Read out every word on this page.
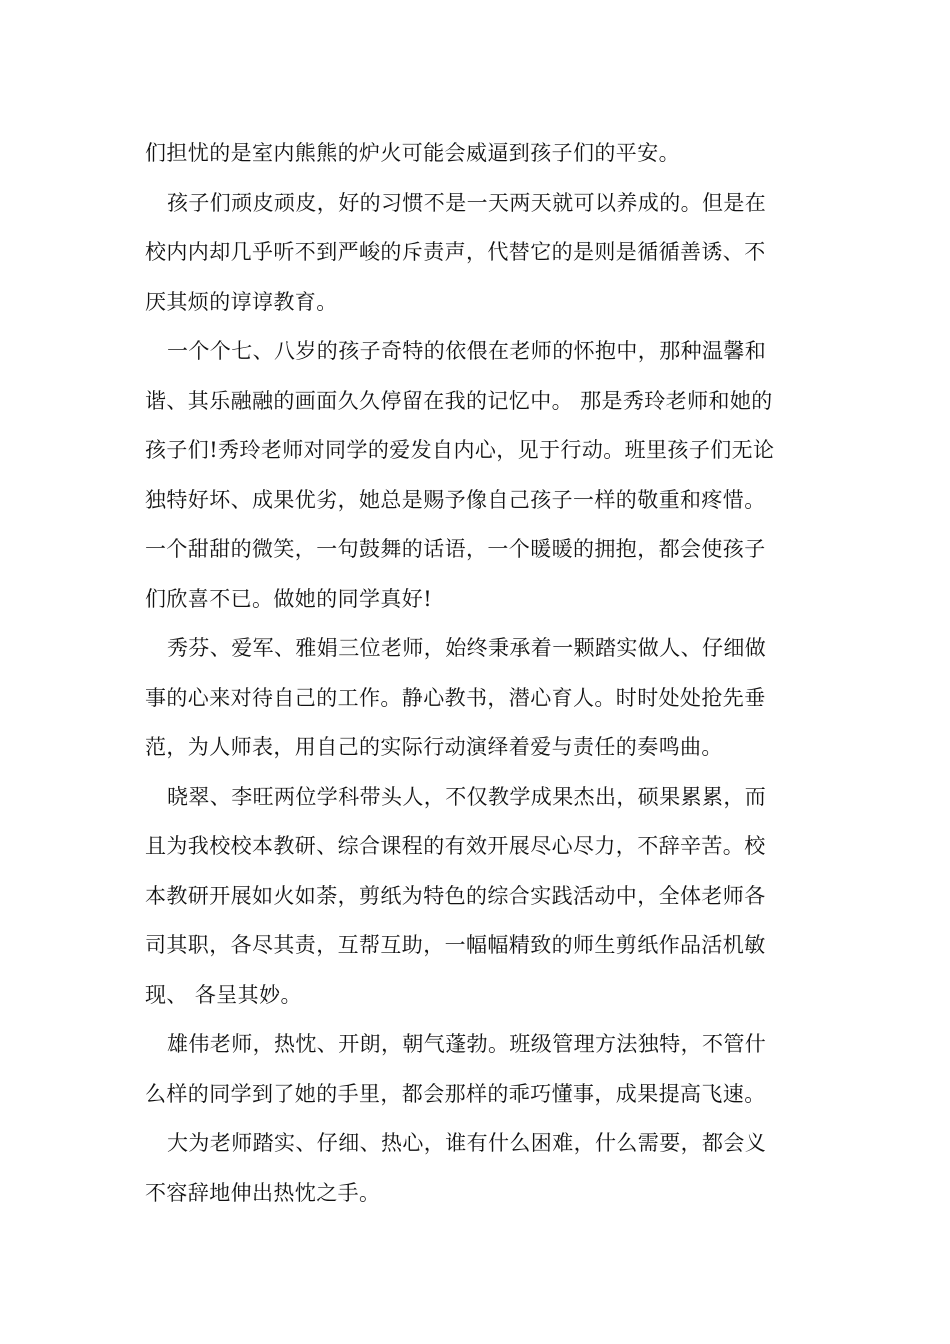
们担忧的是室内熊熊的炉火可能会威逼到孩子们的平安。
孩子们顽皮顽皮，好的习惯不是一天两天就可以养成的。但是在
校内内却几乎听不到严峻的斥责声，代替它的是则是循循善诱、不
厌其烦的谆谆教育。
一个个七、八岁的孩子奇特的依偎在老师的怀抱中，那种温馨和
谐、其乐融融的画面久久停留在我的记忆中。 那是秀玲老师和她的
孩子们!秀玲老师对同学的爱发自内心，见于行动。班里孩子们无论
独特好坏、成果优劣，她总是赐予像自己孩子一样的敬重和疼惜。
一个甜甜的微笑，一句鼓舞的话语，一个暖暖的拥抱，都会使孩子
们欣喜不已。做她的同学真好!
秀芬、爱军、雅娟三位老师，始终秉承着一颗踏实做人、仔细做
事的心来对待自己的工作。静心教书，潜心育人。时时处处抢先垂
范，为人师表，用自己的实际行动演绎着爱与责任的奏鸣曲。
晓翠、李旺两位学科带头人，不仅教学成果杰出，硕果累累，而
且为我校校本教研、综合课程的有效开展尽心尽力，不辞辛苦。校
本教研开展如火如荼，剪纸为特色的综合实践活动中，全体老师各
司其职，各尽其责，互帮互助，一幅幅精致的师生剪纸作品活机敏
现、 各呈其妙。
雄伟老师，热忱、开朗，朝气蓬勃。班级管理方法独特，不管什
么样的同学到了她的手里，都会那样的乖巧懂事，成果提高飞速。
大为老师踏实、仔细、热心，谁有什么困难，什么需要，都会义
不容辞地伸出热忱之手。
